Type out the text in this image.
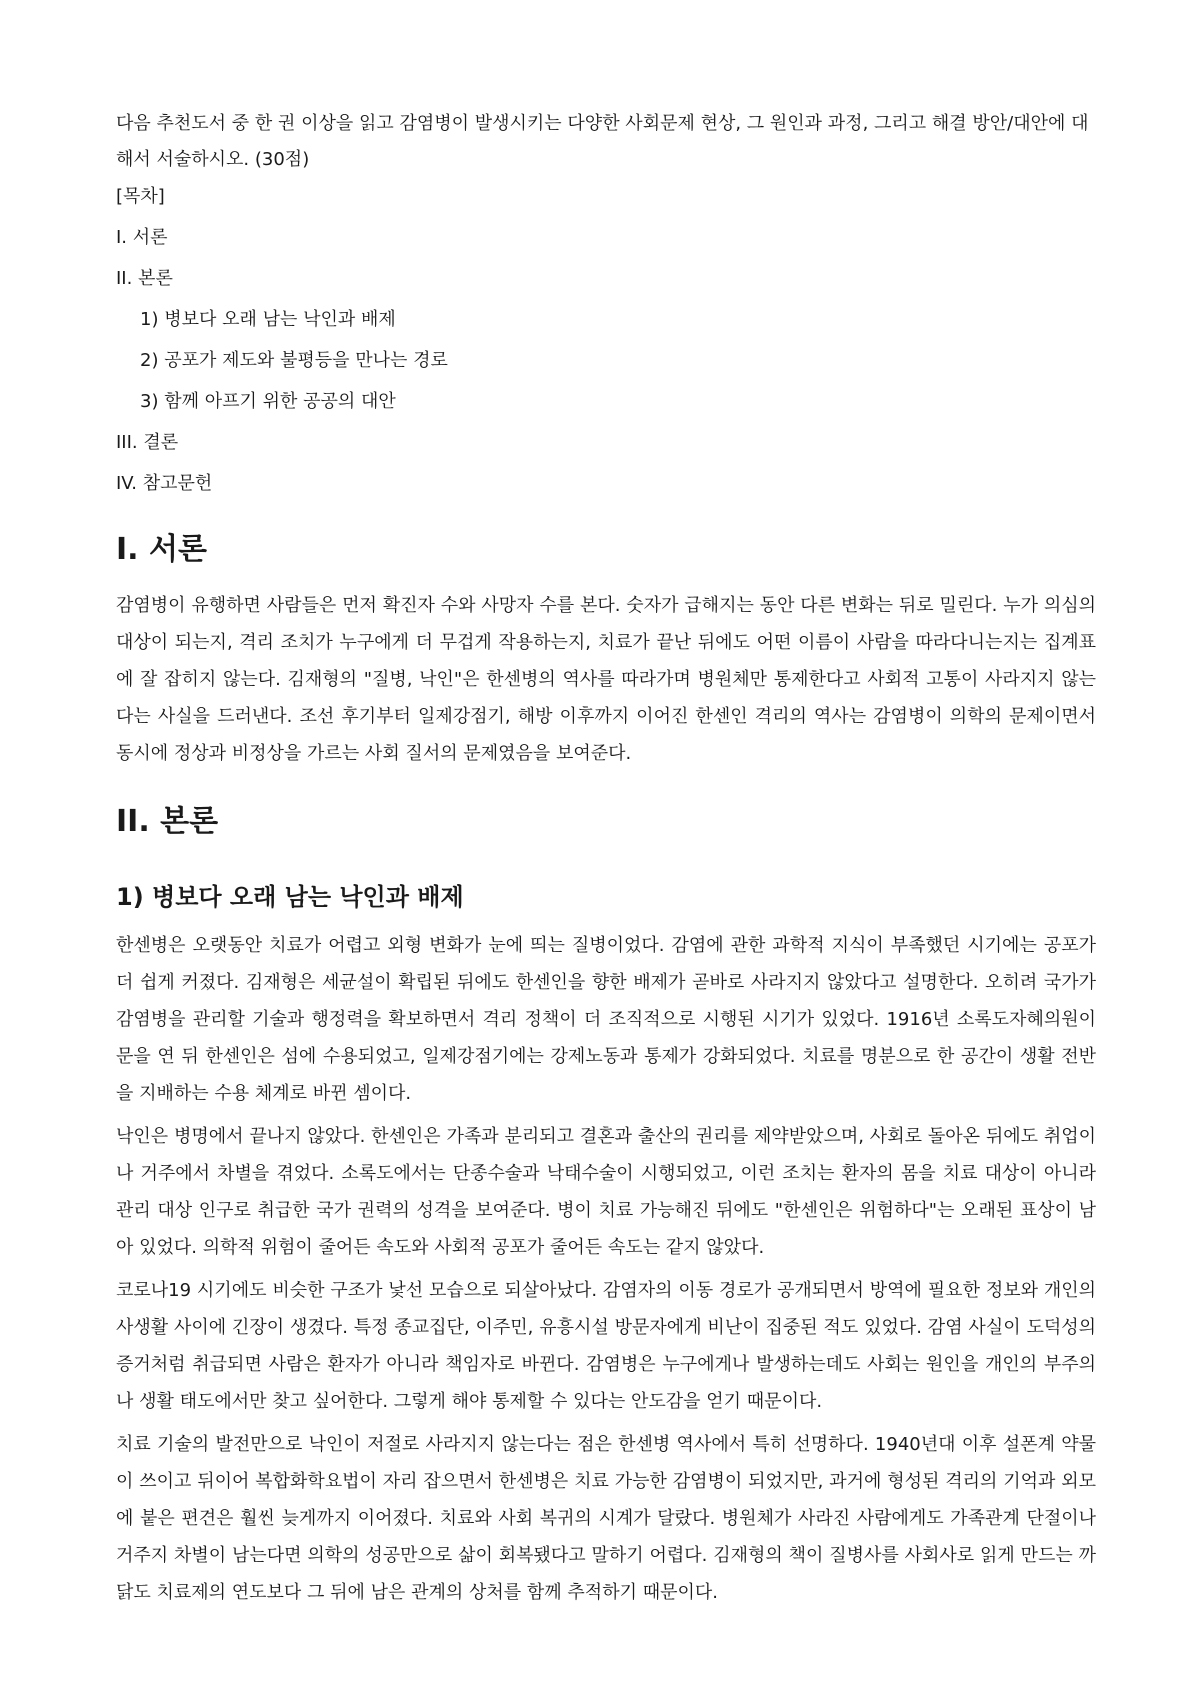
다음 추천도서 중 한 권 이상을 읽고 감염병이 발생시키는 다양한 사회문제 현상, 그 원인과 과정, 그리고 해결 방안/대안에 대해서 서술하시오. (30점)

[목차]

I. 서론

II. 본론

1) 병보다 오래 남는 낙인과 배제

2) 공포가 제도와 불평등을 만나는 경로

3) 함께 아프기 위한 공공의 대안

III. 결론

IV. 참고문헌

I. 서론

감염병이 유행하면 사람들은 먼저 확진자 수와 사망자 수를 본다. 숫자가 급해지는 동안 다른 변화는 뒤로 밀린다. 누가 의심의 대상이 되는지, 격리 조치가 누구에게 더 무겁게 작용하는지, 치료가 끝난 뒤에도 어떤 이름이 사람을 따라다니는지는 집계표에 잘 잡히지 않는다. 김재형의 "질병, 낙인"은 한센병의 역사를 따라가며 병원체만 통제한다고 사회적 고통이 사라지지 않는다는 사실을 드러낸다. 조선 후기부터 일제강점기, 해방 이후까지 이어진 한센인 격리의 역사는 감염병이 의학의 문제이면서 동시에 정상과 비정상을 가르는 사회 질서의 문제였음을 보여준다.

II. 본론
1) 병보다 오래 남는 낙인과 배제

한센병은 오랫동안 치료가 어렵고 외형 변화가 눈에 띄는 질병이었다. 감염에 관한 과학적 지식이 부족했던 시기에는 공포가 더 쉽게 커졌다. 김재형은 세균설이 확립된 뒤에도 한센인을 향한 배제가 곧바로 사라지지 않았다고 설명한다. 오히려 국가가 감염병을 관리할 기술과 행정력을 확보하면서 격리 정책이 더 조직적으로 시행된 시기가 있었다. 1916년 소록도자혜의원이 문을 연 뒤 한센인은 섬에 수용되었고, 일제강점기에는 강제노동과 통제가 강화되었다. 치료를 명분으로 한 공간이 생활 전반을 지배하는 수용 체계로 바뀐 셈이다.

낙인은 병명에서 끝나지 않았다. 한센인은 가족과 분리되고 결혼과 출산의 권리를 제약받았으며, 사회로 돌아온 뒤에도 취업이나 거주에서 차별을 겪었다. 소록도에서는 단종수술과 낙태수술이 시행되었고, 이런 조치는 환자의 몸을 치료 대상이 아니라 관리 대상 인구로 취급한 국가 권력의 성격을 보여준다. 병이 치료 가능해진 뒤에도 "한센인은 위험하다"는 오래된 표상이 남아 있었다. 의학적 위험이 줄어든 속도와 사회적 공포가 줄어든 속도는 같지 않았다.

코로나19 시기에도 비슷한 구조가 낯선 모습으로 되살아났다. 감염자의 이동 경로가 공개되면서 방역에 필요한 정보와 개인의 사생활 사이에 긴장이 생겼다. 특정 종교집단, 이주민, 유흥시설 방문자에게 비난이 집중된 적도 있었다. 감염 사실이 도덕성의 증거처럼 취급되면 사람은 환자가 아니라 책임자로 바뀐다. 감염병은 누구에게나 발생하는데도 사회는 원인을 개인의 부주의나 생활 태도에서만 찾고 싶어한다. 그렇게 해야 통제할 수 있다는 안도감을 얻기 때문이다.

치료 기술의 발전만으로 낙인이 저절로 사라지지 않는다는 점은 한센병 역사에서 특히 선명하다. 1940년대 이후 설폰계 약물이 쓰이고 뒤이어 복합화학요법이 자리 잡으면서 한센병은 치료 가능한 감염병이 되었지만, 과거에 형성된 격리의 기억과 외모에 붙은 편견은 훨씬 늦게까지 이어졌다. 치료와 사회 복귀의 시계가 달랐다. 병원체가 사라진 사람에게도 가족관계 단절이나 거주지 차별이 남는다면 의학의 성공만으로 삶이 회복됐다고 말하기 어렵다. 김재형의 책이 질병사를 사회사로 읽게 만드는 까닭도 치료제의 연도보다 그 뒤에 남은 관계의 상처를 함께 추적하기 때문이다.
